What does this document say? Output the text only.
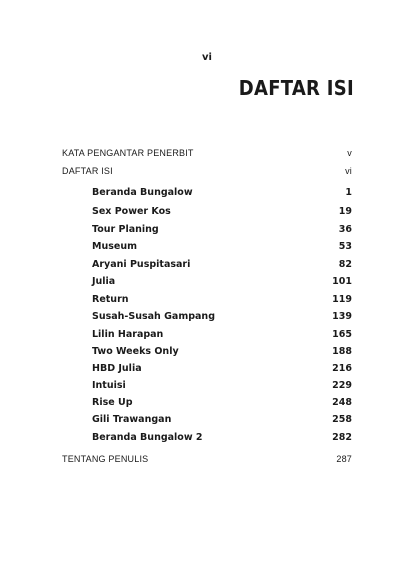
vi
DAFTAR ISI
KATA PENGANTAR PENERBIT	v
DAFTAR ISI	vi
Beranda Bungalow	1
Sex Power Kos	19
Tour Planing	36
Museum	53
Aryani Puspitasari	82
Julia	101
Return	119
Susah-Susah Gampang	139
Lilin Harapan	165
Two Weeks Only	188
HBD Julia	216
Intuisi	229
Rise Up	248
Gili Trawangan	258
Beranda Bungalow 2	282
TENTANG PENULIS	287
